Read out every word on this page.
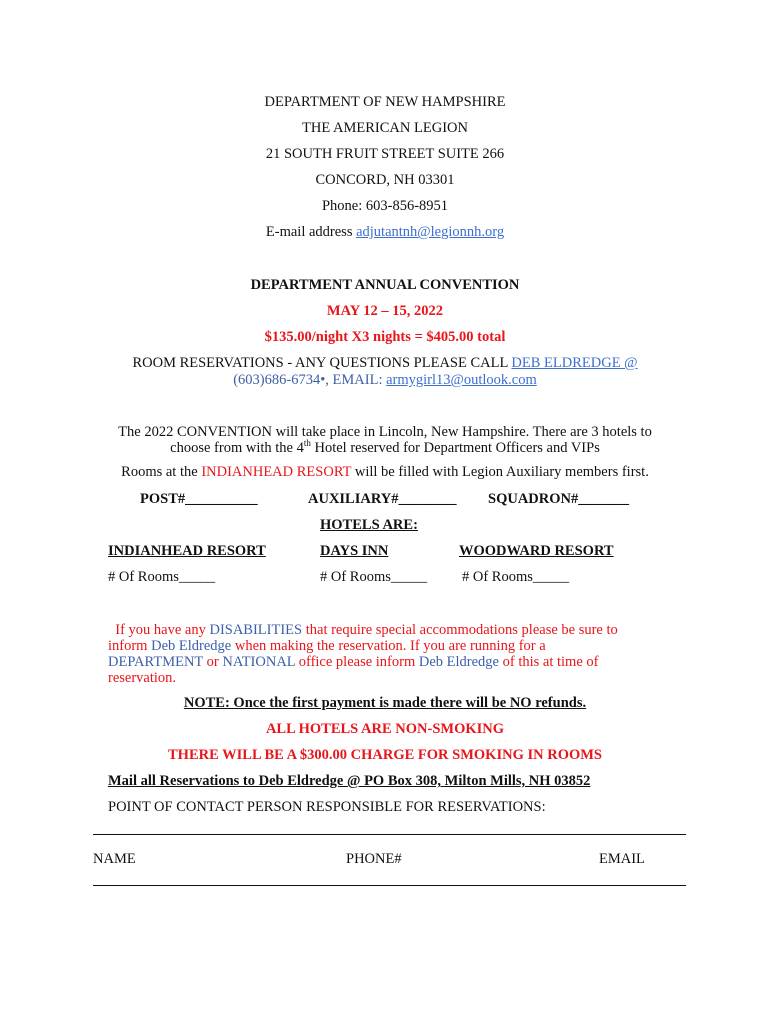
DEPARTMENT OF NEW HAMPSHIRE
THE AMERICAN LEGION
21 SOUTH FRUIT STREET SUITE 266
CONCORD, NH 03301
Phone: 603-856-8951
E-mail address adjutantnh@legionnh.org
DEPARTMENT ANNUAL CONVENTION
MAY 12 – 15, 2022
$135.00/night X3 nights = $405.00 total
ROOM RESERVATIONS - ANY QUESTIONS PLEASE CALL DEB ELDREDGE @
(603)686-6734•, EMAIL: armygirl13@outlook.com
The 2022 CONVENTION will take place in Lincoln, New Hampshire. There are 3 hotels to
choose from with the 4th Hotel reserved for Department Officers and VIPs
Rooms at the INDIANHEAD RESORT will be filled with Legion Auxiliary members first.
POST#__________	AUXILIARY#________ SQUADRON#_______
HOTELS ARE:
INDIANHEAD RESORT	DAYS INN	WOODWARD RESORT
# Of Rooms_____	# Of Rooms_____ # Of Rooms_____
If you have any DISABILITIES that require special accommodations please be sure to
inform Deb Eldredge when making the reservation. If you are running for a
DEPARTMENT or NATIONAL office please inform Deb Eldredge of this at time of
reservation.
NOTE: Once the first payment is made there will be NO refunds.
ALL HOTELS ARE NON-SMOKING
THERE WILL BE A $300.00 CHARGE FOR SMOKING IN ROOMS
Mail all Reservations to Deb Eldredge @ PO Box 308, Milton Mills, NH 03852
POINT OF CONTACT PERSON RESPONSIBLE FOR RESERVATIONS:
NAME	PHONE#	EMAIL
